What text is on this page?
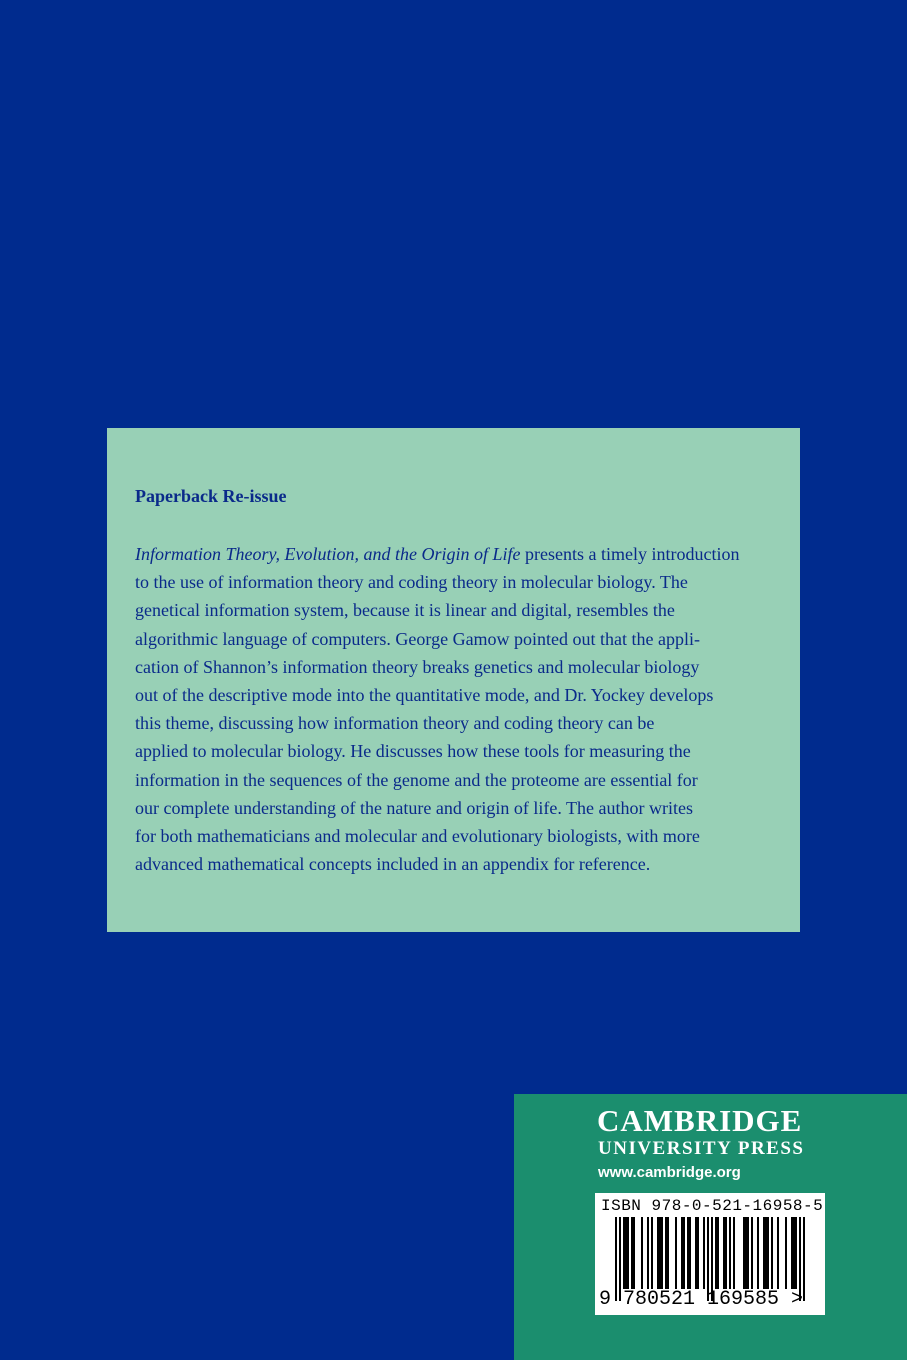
Paperback Re-issue

Information Theory, Evolution, and the Origin of Life presents a timely introduction
to the use of information theory and coding theory in molecular biology. The
genetical information system, because it is linear and digital, resembles the
algorithmic language of computers. George Gamow pointed out that the appli-
cation of Shannon’s information theory breaks genetics and molecular biology
out of the descriptive mode into the quantitative mode, and Dr. Yockey develops
this theme, discussing how information theory and coding theory can be
applied to molecular biology. He discusses how these tools for measuring the
information in the sequences of the genome and the proteome are essential for
our complete understanding of the nature and origin of life. The author writes
for both mathematicians and molecular and evolutionary biologists, with more
advanced mathematical concepts included in an appendix for reference.

CAMBRIDGE
UNIVERSITY PRESS
www.cambridge.org
ISBN 978-0-521-16958-5
9 780521 169585 >
